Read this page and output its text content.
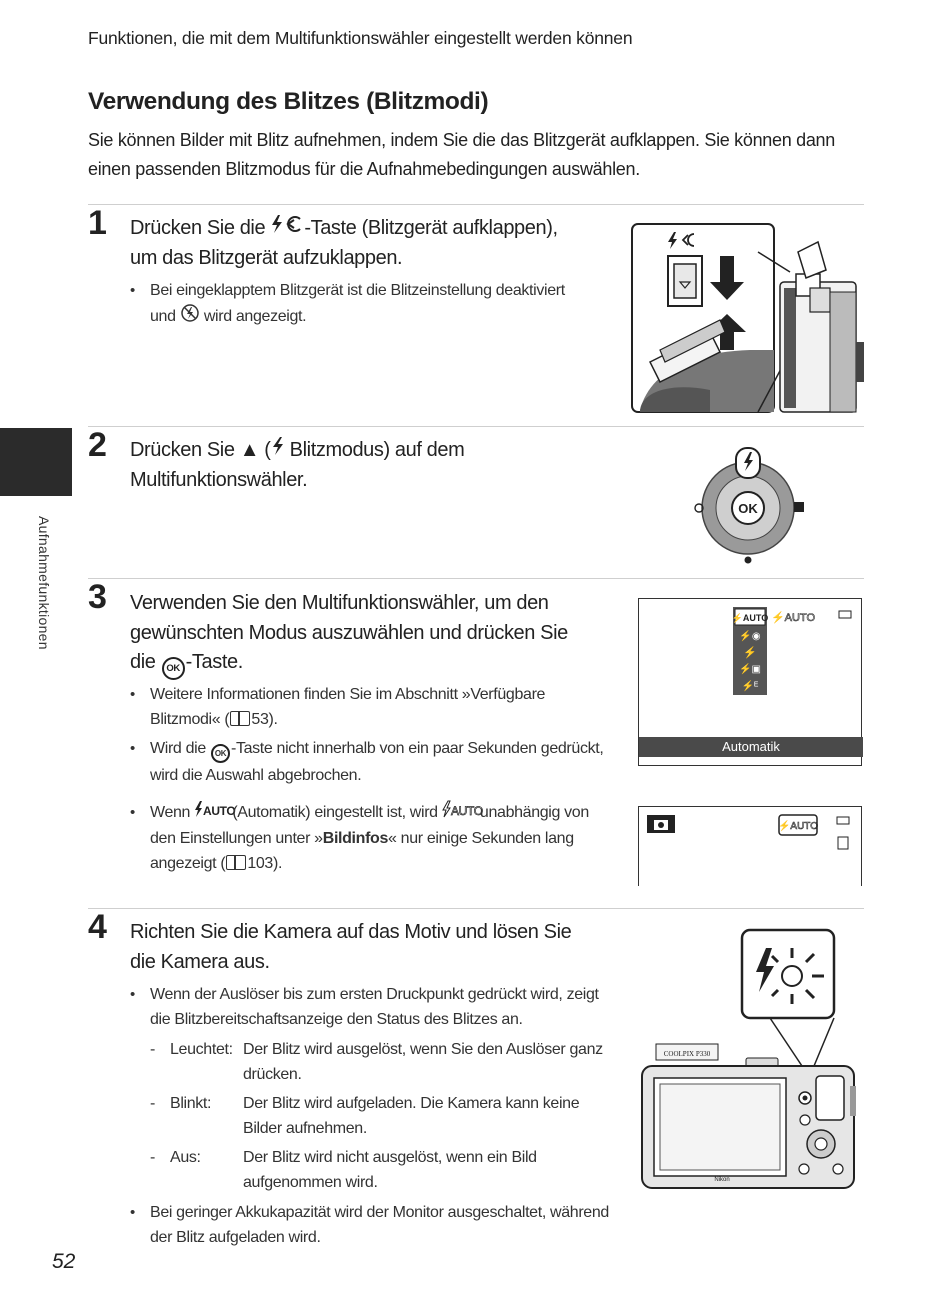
Funktionen, die mit dem Multifunktionswähler eingestellt werden können
Verwendung des Blitzes (Blitzmodi)

Sie können Bilder mit Blitz aufnehmen, indem Sie die das Blitzgerät aufklappen. Sie können dann einen passenden Blitzmodus für die Aufnahmebedingungen auswählen.

Aufnahmefunktionen
1 Drücken Sie die -Taste (Blitzgerät aufklappen),
um das Blitzgerät aufzuklappen.

• Bei eingeklapptem Blitzgerät ist die Blitzeinstellung deaktiviert
und  wird angezeigt.
2 Drücken Sie ▲ ( Blitzmodus) auf dem
Multifunktionswähler.

OK
3 Verwenden Sie den Multifunktionswähler, um den
gewünschten Modus auszuwählen und drücken Sie
die OK -Taste.

• Weitere Informationen finden Sie im Abschnitt »Verfügbare
Blitzmodi« ( 53).
• Wird die OK -Taste nicht innerhalb von ein paar Sekunden gedrückt,
wird die Auswahl abgebrochen.
• Wenn AUTO
(Automatik) eingestellt ist, wird AUTO
unabhängig von
den Einstellungen unter »Bildinfos« nur einige Sekunden lang
angezeigt ( 103).
⚡AUTO
⚡◉
⚡
⚡▣
⚡ᴱ
⚡AUTO
Automatik
⚡AUTO
4 Richten Sie die Kamera auf das Motiv und lösen Sie
die Kamera aus.

• Wenn der Auslöser bis zum ersten Druckpunkt gedrückt wird, zeigt
die Blitzbereitschaftsanzeige den Status des Blitzes an.
- Leuchtet: Der Blitz wird ausgelöst, wenn Sie den Auslöser ganz drücken.
- Blinkt: Der Blitz wird aufgeladen. Die Kamera kann keine Bilder aufnehmen.
- Aus:	Der Blitz wird nicht ausgelöst, wenn ein Bild aufgenommen wird.
• Bei geringer Akkukapazität wird der Monitor ausgeschaltet, während
der Blitz aufgeladen wird.
COOLPIX P330
Nikon
52
